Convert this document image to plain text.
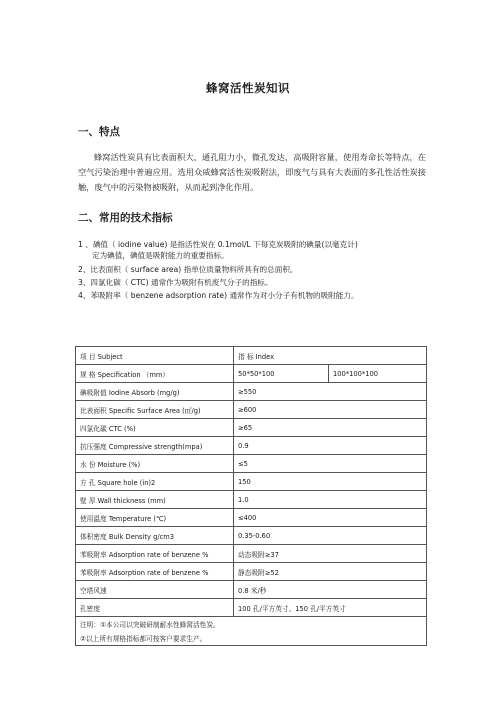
蜂窝活性炭知识
一、特点
蜂窝活性炭具有比表面积大，通孔阻力小，微孔发达，高吸附容量，使用寿命长等特点，在空气污染治理中普遍应用。选用众威蜂窝活性炭吸附法，即废气与具有大表面的多孔性活性炭接触，废气中的污染物被吸附，从而起到净化作用。
二、常用的技术指标
1 、碘值（ iodine value) 是指活性炭在 0.1mol/L 下每克炭吸附的碘量(以毫克计)
定为碘值，碘值是吸附能力的重要指标。
2、比表面积（ surface area) 指单位质量物料所具有的总面积。
3、四氯化碳（ CTC) 通常作为吸附有机废气分子的指标。
4、苯吸附率（ benzene adsorption rate) 通常作为对小分子有机物的吸附能力。
项 目 Subject	指 标 Index	
规 格 Specification （mm）	50*50*100	100*100*100
碘吸附值 Iodine Absorb (mg/g)	≥550	
比表面积 Specific Surface Area (㎡/g)	≥600	
四氯化碳 CTC (%)	≥65	
抗压强度 Compressive strength(mpa)	0.9	
水 份 Moisture (%)	≤5	
方 孔 Square hole (in)2	150	
壁 厚 Wall thickness (mm)	1.0	
使用温度 Temperature (℃)	≤400	
体积密度 Bulk Density g/cm3	0.35-0.60	
苯吸附率 Adsorption rate of benzene %	动态吸附≥37	
苯吸附率 Adsorption rate of benzene %	静态吸附≥52	
空塔风速	0.8 米/秒	
孔密度	100 孔/平方英寸、150 孔/平方英寸	
注明：①本公司以突破研制耐水性蜂窝活性炭。		
②以上所有规格指标都可按客户要求生产。		
